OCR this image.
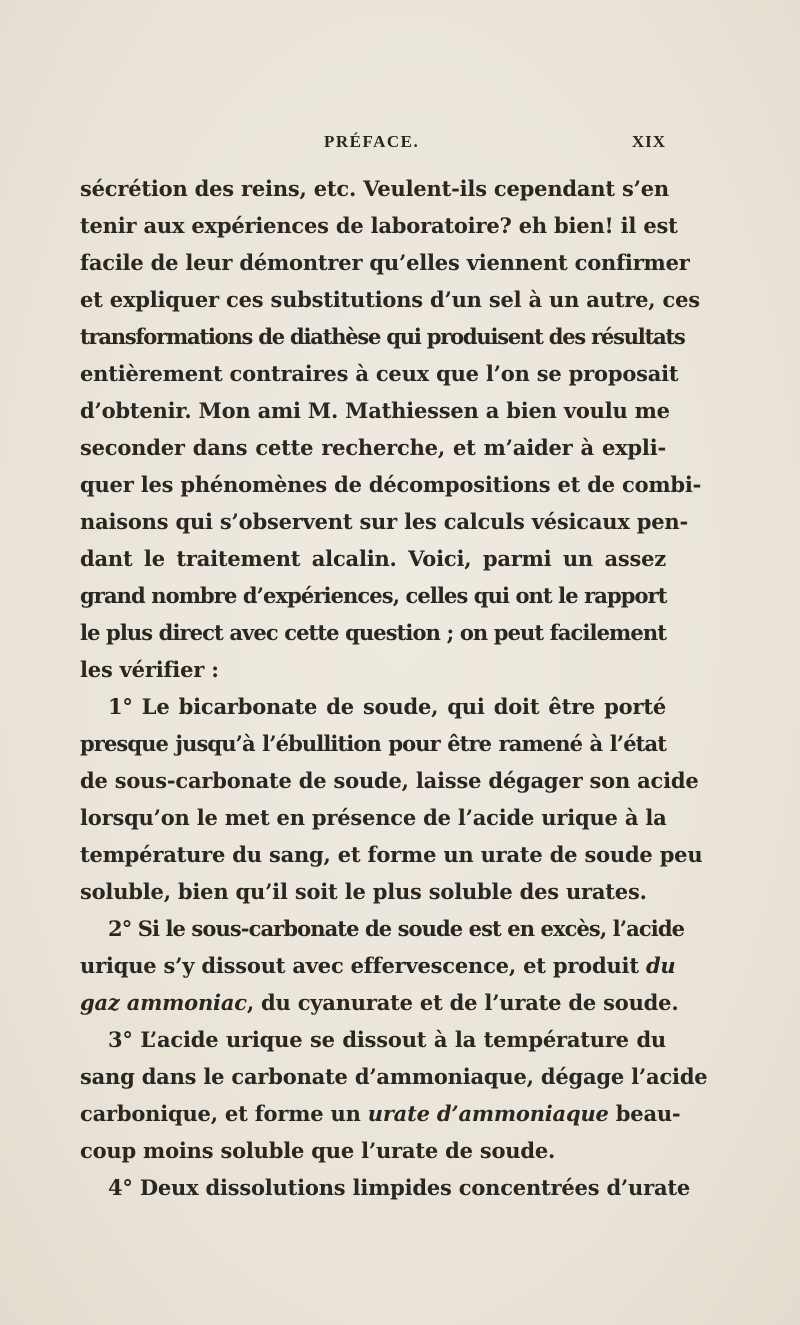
PRÉFACE.	XIX
sécrétion des reins, etc. Veulent-ils cependant s’en
tenir aux expériences de laboratoire? eh bien! il est
facile de leur démontrer qu’elles viennent confirmer
et expliquer ces substitutions d’un sel à un autre, ces
transformations de diathèse qui produisent des résultats
entièrement contraires à ceux que l’on se proposait
d’obtenir. Mon ami M. Mathiessen a bien voulu me
seconder dans cette recherche, et m’aider à expli-
quer les phénomènes de décompositions et de combi-
naisons qui s’observent sur les calculs vésicaux pen-
dant le traitement alcalin. Voici, parmi un assez
grand nombre d’expériences, celles qui ont le rapport
le plus direct avec cette question ; on peut facilement
les vérifier :
1° Le bicarbonate de soude, qui doit être porté
presque jusqu’à l’ébullition pour être ramené à l’état
de sous-carbonate de soude, laisse dégager son acide
lorsqu’on le met en présence de l’acide urique à la
température du sang, et forme un urate de soude peu
soluble, bien qu’il soit le plus soluble des urates.
2° Si le sous-carbonate de soude est en excès, l’acide
urique s’y dissout avec effervescence, et produit du
gaz ammoniac, du cyanurate et de l’urate de soude.
3° L’acide urique se dissout à la température du
sang dans le carbonate d’ammoniaque, dégage l’acide
carbonique, et forme un urate d’ammoniaque beau-
coup moins soluble que l’urate de soude.
4° Deux dissolutions limpides concentrées d’urate
